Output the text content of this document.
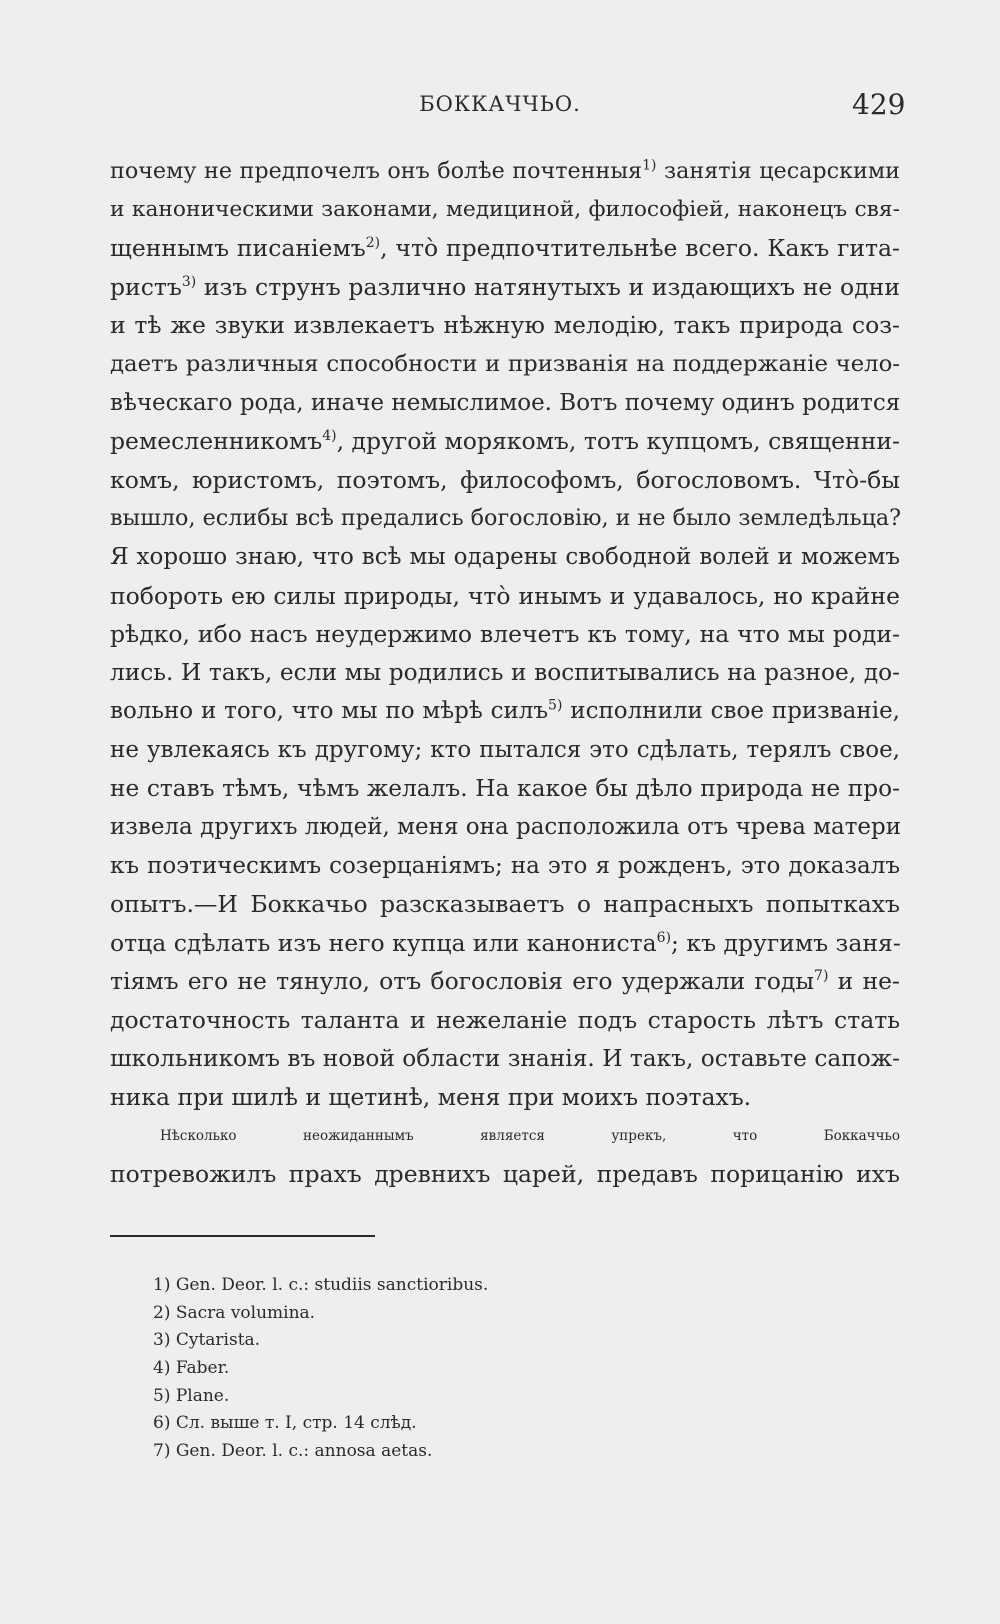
БОККАЧЧЬО.	429
почему не предпочелъ онъ болѣе почтенныя$^{1)}$ занятія цесарскими
и каноническими законами, медициной, философіей, наконецъ свя-
щеннымъ писаніемъ$^{2)}$, что̀ предпочтительнѣе всего. Какъ гита-
ристъ$^{3)}$ изъ струнъ различно натянутыхъ и издающихъ не одни
и тѣ же звуки извлекаетъ нѣжную мелодію, такъ природа соз-
даетъ различныя способности и призванія на поддержаніе чело-
вѣческаго рода, иначе немыслимое. Вотъ почему одинъ родится
ремесленникомъ$^{4)}$, другой морякомъ, тотъ купцомъ, священни-
комъ, юристомъ, поэтомъ, философомъ, богословомъ. Что̀-бы
вышло, еслибы всѣ предались богословію, и не было земледѣльца?
Я хорошо знаю, что всѣ мы одарены свободной волей и можемъ
побороть ею силы природы, что̀ инымъ и удавалось, но крайне
рѣдко, ибо насъ неудержимо влечетъ къ тому, на что мы роди-
лись. И такъ, если мы родились и воспитывались на разное, до-
вольно и того, что мы по мѣрѣ силъ$^{5)}$ исполнили свое призваніе,
не увлекаясь къ другому; кто пытался это сдѣлать, терялъ свое,
не ставъ тѣмъ, чѣмъ желалъ. На какое бы дѣло природа не про-
извела другихъ людей, меня она расположила отъ чрева матери
къ поэтическимъ созерцаніямъ; на это я рожденъ, это доказалъ
опытъ.—И Боккачьо разсказываетъ о напрасныхъ попыткахъ
отца сдѣлать изъ него купца или канониста$^{6)}$; къ другимъ заня-
тіямъ его не тянуло, отъ богословія его удержали годы$^{7)}$ и не-
достаточность таланта и нежеланіе подъ старость лѣтъ стать
школьникомъ въ новой области знанія. И такъ, оставьте сапож-
ника при шилѣ и щетинѣ, меня при моихъ поэтахъ.
Нѣсколько неожиданнымъ является упрекъ, что Боккаччьо
потревожилъ прахъ древнихъ царей, предавъ порицанію ихъ
1) Gen. Deor. l. c.: studiis sanctioribus.
2) Sacra volumina.
3) Cytarista.
4) Faber.
5) Plane.
6) Сл. выше т. I, стр. 14 слѣд.
7) Gen. Deor. l. c.: annosa aetas.
